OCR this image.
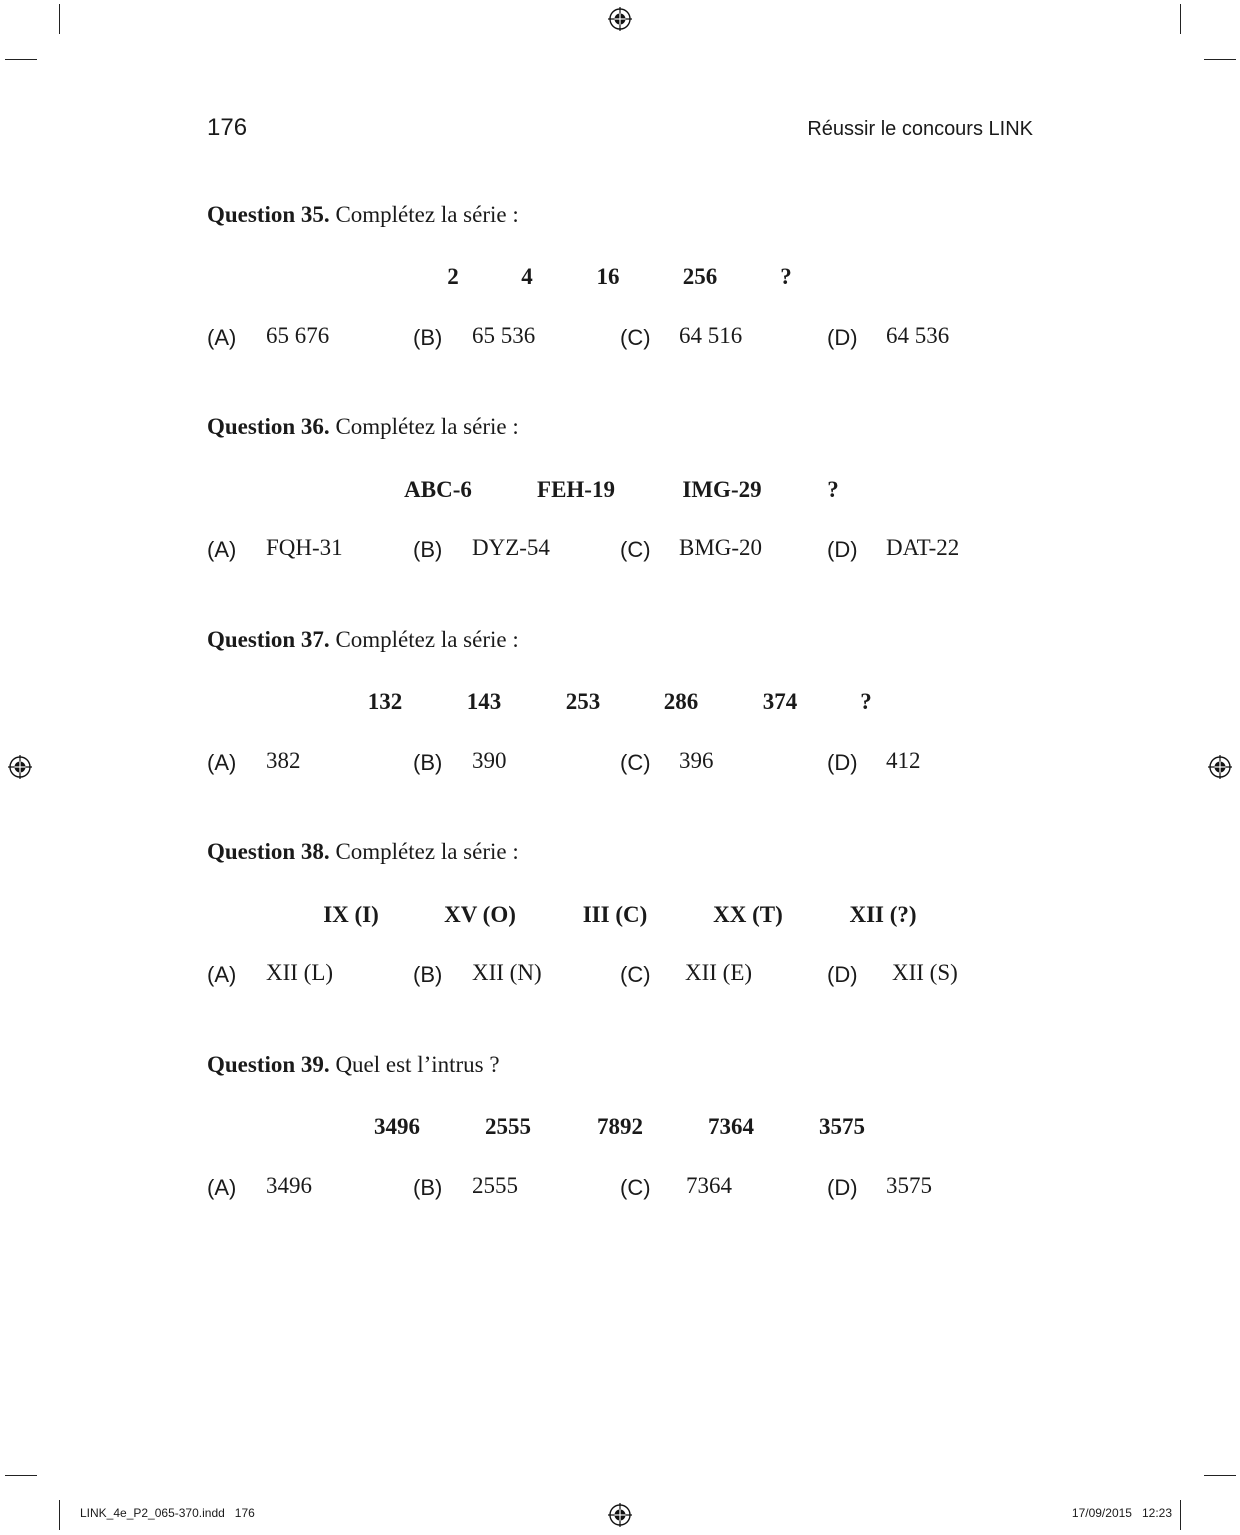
176	Réussir le concours LINK
Question 35. Complétez la série :
2	4	16	256	?
(A) 65 676	(B) 65 536	(C) 64 516	(D) 64 536
Question 36. Complétez la série :
ABC-6	FEH-19	IMG-29	?
(A) FQH-31	(B) DYZ-54	(C) BMG-20	(D) DAT-22
Question 37. Complétez la série :
132	143	253	286	374	?
(A) 382	(B) 390	(C) 396	(D) 412
Question 38. Complétez la série :
IX (I)	XV (O)	III (C)	XX (T)	XII (?)
(A) XII (L)	(B) XII (N)	(C) XII (E)	(D) XII (S)
Question 39. Quel est l’intrus ?
3496	2555	7892	7364	3575
(A) 3496	(B) 2555	(C) 7364	(D) 3575
LINK_4e_P2_065-370.indd   176	17/09/2015   12:23
